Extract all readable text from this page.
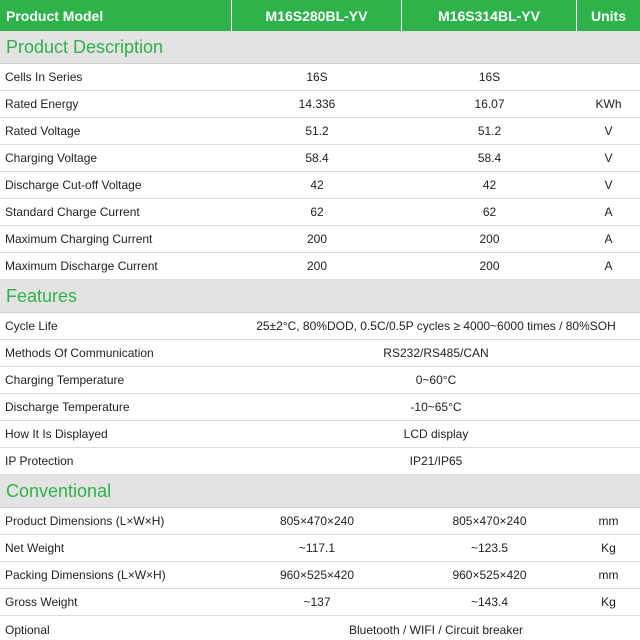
Product Model	M16S280BL-YV	M16S314BL-YV	Units
Product Description
Cells In Series	16S	16S
Rated Energy	14.336	16.07	KWh
Rated Voltage	51.2	51.2	V
Charging Voltage	58.4	58.4	V
Discharge Cut-off Voltage	42	42	V
Standard Charge Current	62	62	A
Maximum Charging Current	200	200	A
Maximum Discharge Current	200	200	A
Features
Cycle Life	25±2°C, 80%DOD, 0.5C/0.5P cycles ≥ 4000~6000 times / 80%SOH
Methods Of Communication	RS232/RS485/CAN
Charging Temperature	0~60°C
Discharge Temperature	-10~65°C
How It Is Displayed	LCD display
IP Protection	IP21/IP65
Conventional
Product Dimensions (L×W×H)	805×470×240	805×470×240	mm
Net Weight	~117.1	~123.5	Kg
Packing Dimensions (L×W×H)	960×525×420	960×525×420	mm
Gross Weight	~137	~143.4	Kg
Optional	Bluetooth / WIFI / Circuit breaker
